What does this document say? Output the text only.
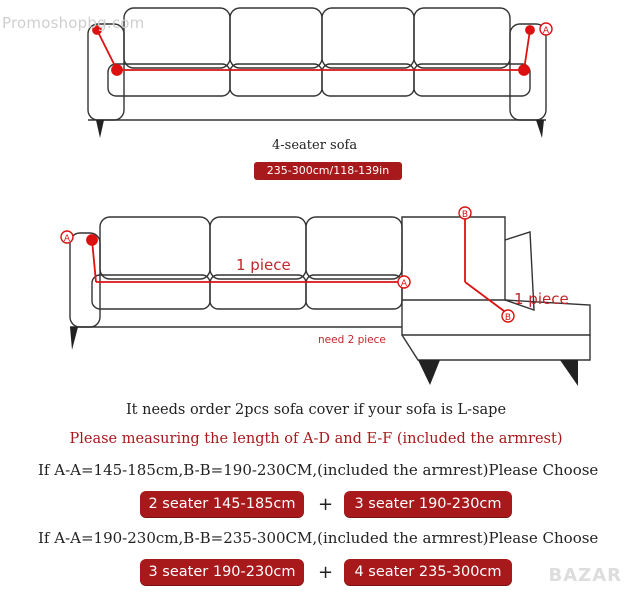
A
A
A
B
B
Promoshopbg.com
4-seater sofa
235-300cm/118-139in
1 piece
1 piece
need 2 piece
It needs order 2pcs sofa cover if your sofa is L-sape
Please measuring the length of A-D and E-F (included the armrest)
If A-A=145-185cm,B-B=190-230CM,(included the armrest)Please Choose
2 seater 145-185cm	+	3 seater 190-230cm
If A-A=190-230cm,B-B=235-300CM,(included the armrest)Please Choose
3 seater 190-230cm	+	4 seater 235-300cm	BAZAR
